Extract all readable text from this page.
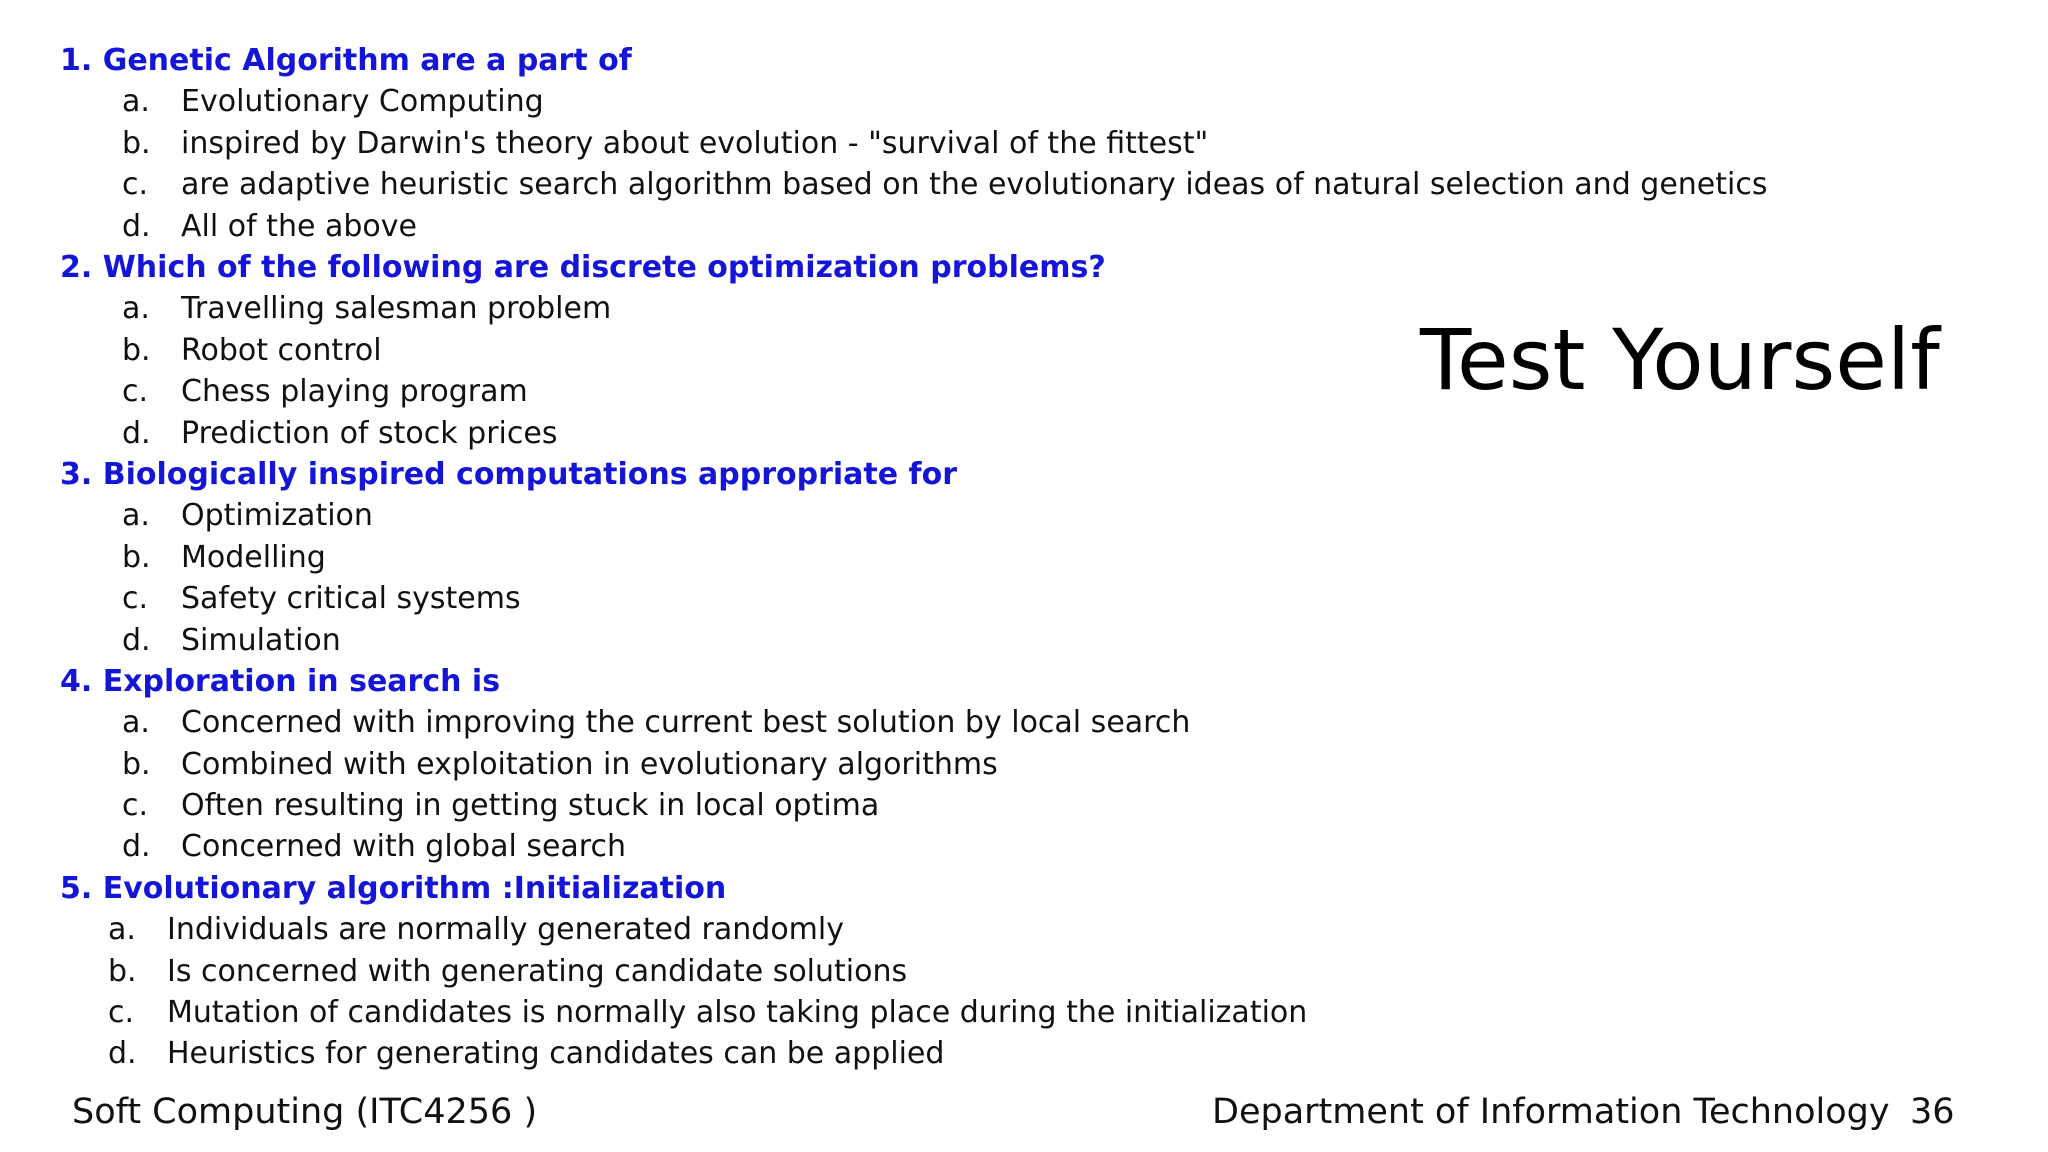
1. Genetic Algorithm are a part of
a.	Evolutionary Computing
b.	inspired by Darwin's theory about evolution - "survival of the fittest"
c.	are adaptive heuristic search algorithm based on the evolutionary ideas of natural selection and genetics
d.	All of the above
2. Which of the following are discrete optimization problems?
a.	Travelling salesman problem
b.	Robot control
c.	Chess playing program
d.	Prediction of stock prices
3. Biologically inspired computations appropriate for
a.	Optimization
b.	Modelling
c.	Safety critical systems
d.	Simulation
4. Exploration in search is
a.	Concerned with improving the current best solution by local search
b.	Combined with exploitation in evolutionary algorithms
c.	Often resulting in getting stuck in local optima
d.	Concerned with global search
5. Evolutionary algorithm :Initialization
a.	Individuals are normally generated randomly
b.	Is concerned with generating candidate solutions
c.	Mutation of candidates is normally also taking place during the initialization
d.	Heuristics for generating candidates can be applied
Test Yourself
Soft Computing (ITC4256 )	Department of Information Technology 36
